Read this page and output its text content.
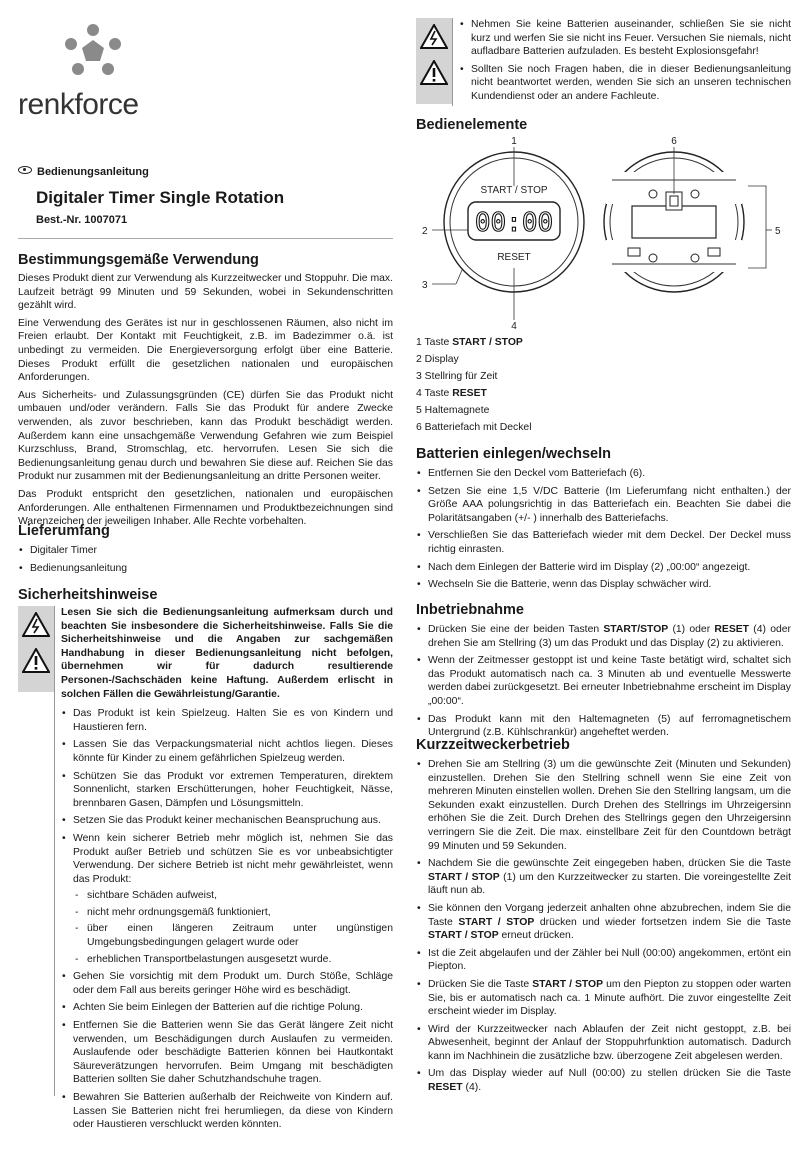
renkforce
Bedienungsanleitung
Digitaler Timer Single Rotation
Best.-Nr. 1007071
Bestimmungsgemäße Verwendung

Dieses Produkt dient zur Verwendung als Kurzzeitwecker und Stoppuhr. Die max. Laufzeit beträgt 99 Minuten und 59 Sekunden, wobei in Sekundenschritten gezählt wird.

Eine Verwendung des Gerätes ist nur in geschlossenen Räumen, also nicht im Freien erlaubt. Der Kontakt mit Feuchtigkeit, z.B. im Badezimmer o.ä. ist unbedingt zu vermeiden. Die Energieversorgung erfolgt über eine Batterie. Dieses Produkt erfüllt die gesetzlichen nationalen und europäischen Anforderungen.

Aus Sicherheits- und Zulassungsgründen (CE) dürfen Sie das Produkt nicht umbauen und/oder verändern. Falls Sie das Produkt für andere Zwecke verwenden, als zuvor beschrieben, kann das Produkt beschädigt werden. Außerdem kann eine unsachgemäße Verwendung Gefahren wie zum Beispiel Kurzschluss, Brand, Stromschlag, etc. hervorrufen. Lesen Sie sich die Bedienungsanleitung genau durch und bewahren Sie diese auf. Reichen Sie das Produkt nur zusammen mit der Bedienungsanleitung an dritte Personen weiter.

Das Produkt entspricht den gesetzlichen, nationalen und europäischen Anforderungen. Alle enthaltenen Firmennamen und Produktbezeichnungen sind Warenzeichen der jeweiligen Inhaber. Alle Rechte vorbehalten.

Lieferumfang
• Digitaler Timer
• Bedienungsanleitung
Sicherheitshinweise

Lesen Sie sich die Bedienungsanleitung aufmerksam durch und beachten Sie insbesondere die Sicherheitshinweise. Falls Sie die Sicherheitshinweise und die Angaben zur sachgemäßen Handhabung in dieser Bedienungsanleitung nicht befolgen, übernehmen wir für dadurch resultierende Personen-/Sachschäden keine Haftung. Außerdem erlischt in solchen Fällen die Gewährleistung/Garantie.

• Das Produkt ist kein Spielzeug. Halten Sie es von Kindern und Haustieren fern.
• Lassen Sie das Verpackungsmaterial nicht achtlos liegen. Dieses könnte für Kinder zu einem gefährlichen Spielzeug werden.
• Schützen Sie das Produkt vor extremen Temperaturen, direktem Sonnenlicht, starken Erschütterungen, hoher Feuchtigkeit, Nässe, brennbaren Gasen, Dämpfen und Lösungsmitteln.
• Setzen Sie das Produkt keiner mechanischen Beanspruchung aus.
• Wenn kein sicherer Betrieb mehr möglich ist, nehmen Sie das Produkt außer Betrieb und schützen Sie es vor unbeabsichtigter Verwendung. Der sichere Betrieb ist nicht mehr gewährleistet, wenn das Produkt:
- sichtbare Schäden aufweist,
- nicht mehr ordnungsgemäß funktioniert,
- über einen längeren Zeitraum unter ungünstigen Umgebungsbedingungen gelagert wurde oder
- erheblichen Transportbelastungen ausgesetzt wurde.
• Gehen Sie vorsichtig mit dem Produkt um. Durch Stöße, Schläge oder dem Fall aus bereits geringer Höhe wird es beschädigt.
• Achten Sie beim Einlegen der Batterien auf die richtige Polung.
• Entfernen Sie die Batterien wenn Sie das Gerät längere Zeit nicht verwenden, um Beschädigungen durch Auslaufen zu vermeiden. Auslaufende oder beschädigte Batterien können bei Hautkontakt Säureverätzungen hervorrufen. Beim Umgang mit beschädigten Batterien sollten Sie daher Schutzhandschuhe tragen.
• Bewahren Sie Batterien außerhalb der Reichweite von Kindern auf. Lassen Sie Batterien nicht frei herumliegen, da diese von Kindern oder Haustieren verschluckt werden könnten.
• Nehmen Sie keine Batterien auseinander, schließen Sie sie nicht kurz und werfen Sie sie nicht ins Feuer. Versuchen Sie niemals, nicht aufladbare Batterien aufzuladen. Es besteht Explosionsgefahr!
• Sollten Sie noch Fragen haben, die in dieser Bedienungsanleitung nicht beantwortet werden, wenden Sie sich an unseren technischen Kundendienst oder an andere Fachleute.
Bedienelemente
00:00
START / STOP
RESET
1
2
3
4
5
6
1 Taste START / STOP
2 Display
3 Stellring für Zeit
4 Taste RESET
5 Haltemagnete
6 Batteriefach mit Deckel
Batterien einlegen/wechseln
• Entfernen Sie den Deckel vom Batteriefach (6).
• Setzen Sie eine 1,5 V/DC Batterie (Im Lieferumfang nicht enthalten.) der Größe AAA polungsrichtig in das Batteriefach ein. Beachten Sie dabei die Polaritätsangaben (+/- ) innerhalb des Batteriefachs.
• Verschließen Sie das Batteriefach wieder mit dem Deckel. Der Deckel muss richtig einrasten.
• Nach dem Einlegen der Batterie wird im Display (2) „00:00“ angezeigt.
• Wechseln Sie die Batterie, wenn das Display schwächer wird.
Inbetriebnahme
• Drücken Sie eine der beiden Tasten START/STOP (1) oder RESET (4) oder drehen Sie am Stellring (3) um das Produkt und das Display (2) zu aktivieren.
• Wenn der Zeitmesser gestoppt ist und keine Taste betätigt wird, schaltet sich das Produkt automatisch nach ca. 3 Minuten ab und eventuelle Messwerte werden dabei zurückgesetzt. Bei erneuter Inbetriebnahme erscheint im Display „00:00“.
• Das Produkt kann mit den Haltemagneten (5) auf ferromagnetischem Untergrund (z.B. Kühlschrankür) angeheftet werden.
Kurzzeitweckerbetrieb
• Drehen Sie am Stellring (3) um die gewünschte Zeit (Minuten und Sekunden) einzustellen. Drehen Sie den Stellring schnell wenn Sie eine Zeit von mehreren Minuten einstellen wollen. Drehen Sie den Stellring langsam, um die Sekunden exakt einzustellen. Durch Drehen des Stellrings im Uhrzeigersinn erhöhen Sie die Zeit. Durch Drehen des Stellrings gegen den Uhrzeigersinn verringern Sie die Zeit. Die max. einstellbare Zeit für den Countdown beträgt 99 Minuten und 59 Sekunden.
• Nachdem Sie die gewünschte Zeit eingegeben haben, drücken Sie die Taste START / STOP (1) um den Kurzzeitwecker zu starten. Die voreingestellte Zeit läuft nun ab.
• Sie können den Vorgang jederzeit anhalten ohne abzubrechen, indem Sie die Taste START / STOP drücken und wieder fortsetzen indem Sie die Taste START / STOP erneut drücken.
• Ist die Zeit abgelaufen und der Zähler bei Null (00:00) angekommen, ertönt ein Piepton.
• Drücken Sie die Taste START / STOP um den Piepton zu stoppen oder warten Sie, bis er automatisch nach ca. 1 Minute aufhört. Die zuvor eingestellte Zeit erscheint wieder im Display.
• Wird der Kurzzeitwecker nach Ablaufen der Zeit nicht gestoppt, z.B. bei Abwesenheit, beginnt der Anlauf der Stoppuhrfunktion automatisch. Dadurch kann im Nachhinein die zusätzliche bzw. überzogene Zeit abgelesen werden.
• Um das Display wieder auf Null (00:00) zu stellen drücken Sie die Taste RESET (4).
